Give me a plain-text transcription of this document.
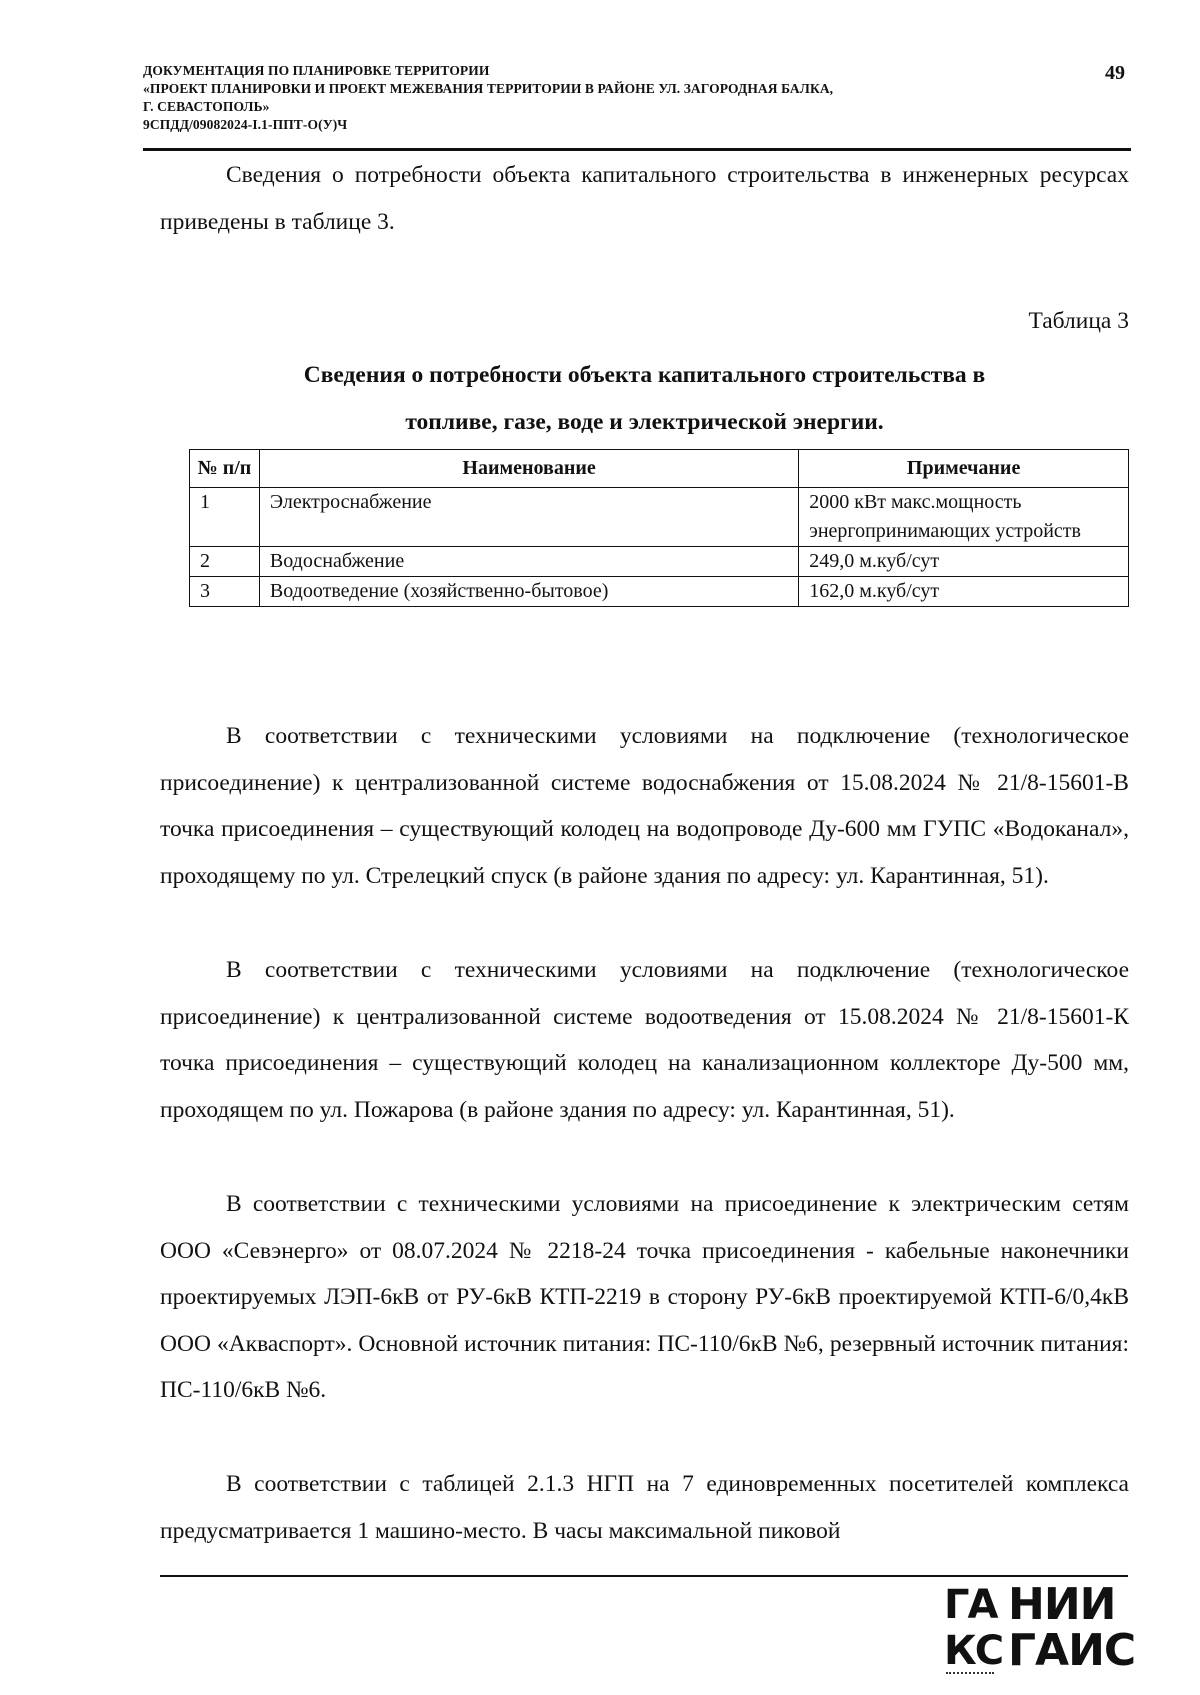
ДОКУМЕНТАЦИЯ ПО ПЛАНИРОВКЕ ТЕРРИТОРИИ
«ПРОЕКТ ПЛАНИРОВКИ И ПРОЕКТ МЕЖЕВАНИЯ ТЕРРИТОРИИ В РАЙОНЕ УЛ. ЗАГОРОДНАЯ БАЛКА,
Г. СЕВАСТОПОЛЬ»
9СПДД/09082024-I.1-ППТ-О(У)Ч
49
Сведения о потребности объекта капитального строительства в инженерных ресурсах приведены в таблице 3.
Таблица 3
Сведения о потребности объекта капитального строительства в
топливе, газе, воде и электрической энергии.
№ п/п	Наименование	Примечание
1	Электроснабжение	2000 кВт макс.мощность энергопринимающих устройств
2	Водоснабжение	249,0 м.куб/сут
3	Водоотведение (хозяйственно-бытовое)	162,0 м.куб/сут
В соответствии с техническими условиями на подключение (технологическое присоединение) к централизованной системе водоснабжения от 15.08.2024 № 21/8-15601-В точка присоединения – существующий колодец на водопроводе Ду-600 мм ГУПС «Водоканал», проходящему по ул. Стрелецкий спуск (в районе здания по адресу: ул. Карантинная, 51).
В соответствии с техническими условиями на подключение (технологическое присоединение) к централизованной системе водоотведения от 15.08.2024 № 21/8-15601-К точка присоединения – существующий колодец на канализационном коллекторе Ду-500 мм, проходящем по ул. Пожарова (в районе здания по адресу: ул. Карантинная, 51).
В соответствии с техническими условиями на присоединение к электрическим сетям ООО «Севэнерго» от 08.07.2024 № 2218-24 точка присоединения - кабельные наконечники проектируемых ЛЭП-6кВ от РУ-6кВ КТП-2219 в сторону РУ-6кВ проектируемой КТП-6/0,4кВ ООО «Акваспорт». Основной источник питания: ПС-110/6кВ №6, резервный источник питания: ПС-110/6кВ №6.
В соответствии с таблицей 2.1.3 НГП на 7 единовременных посетителей комплекса предусматривается 1 машино-место. В часы максимальной пиковой
ГА
КС
НИИ
ГАИС
